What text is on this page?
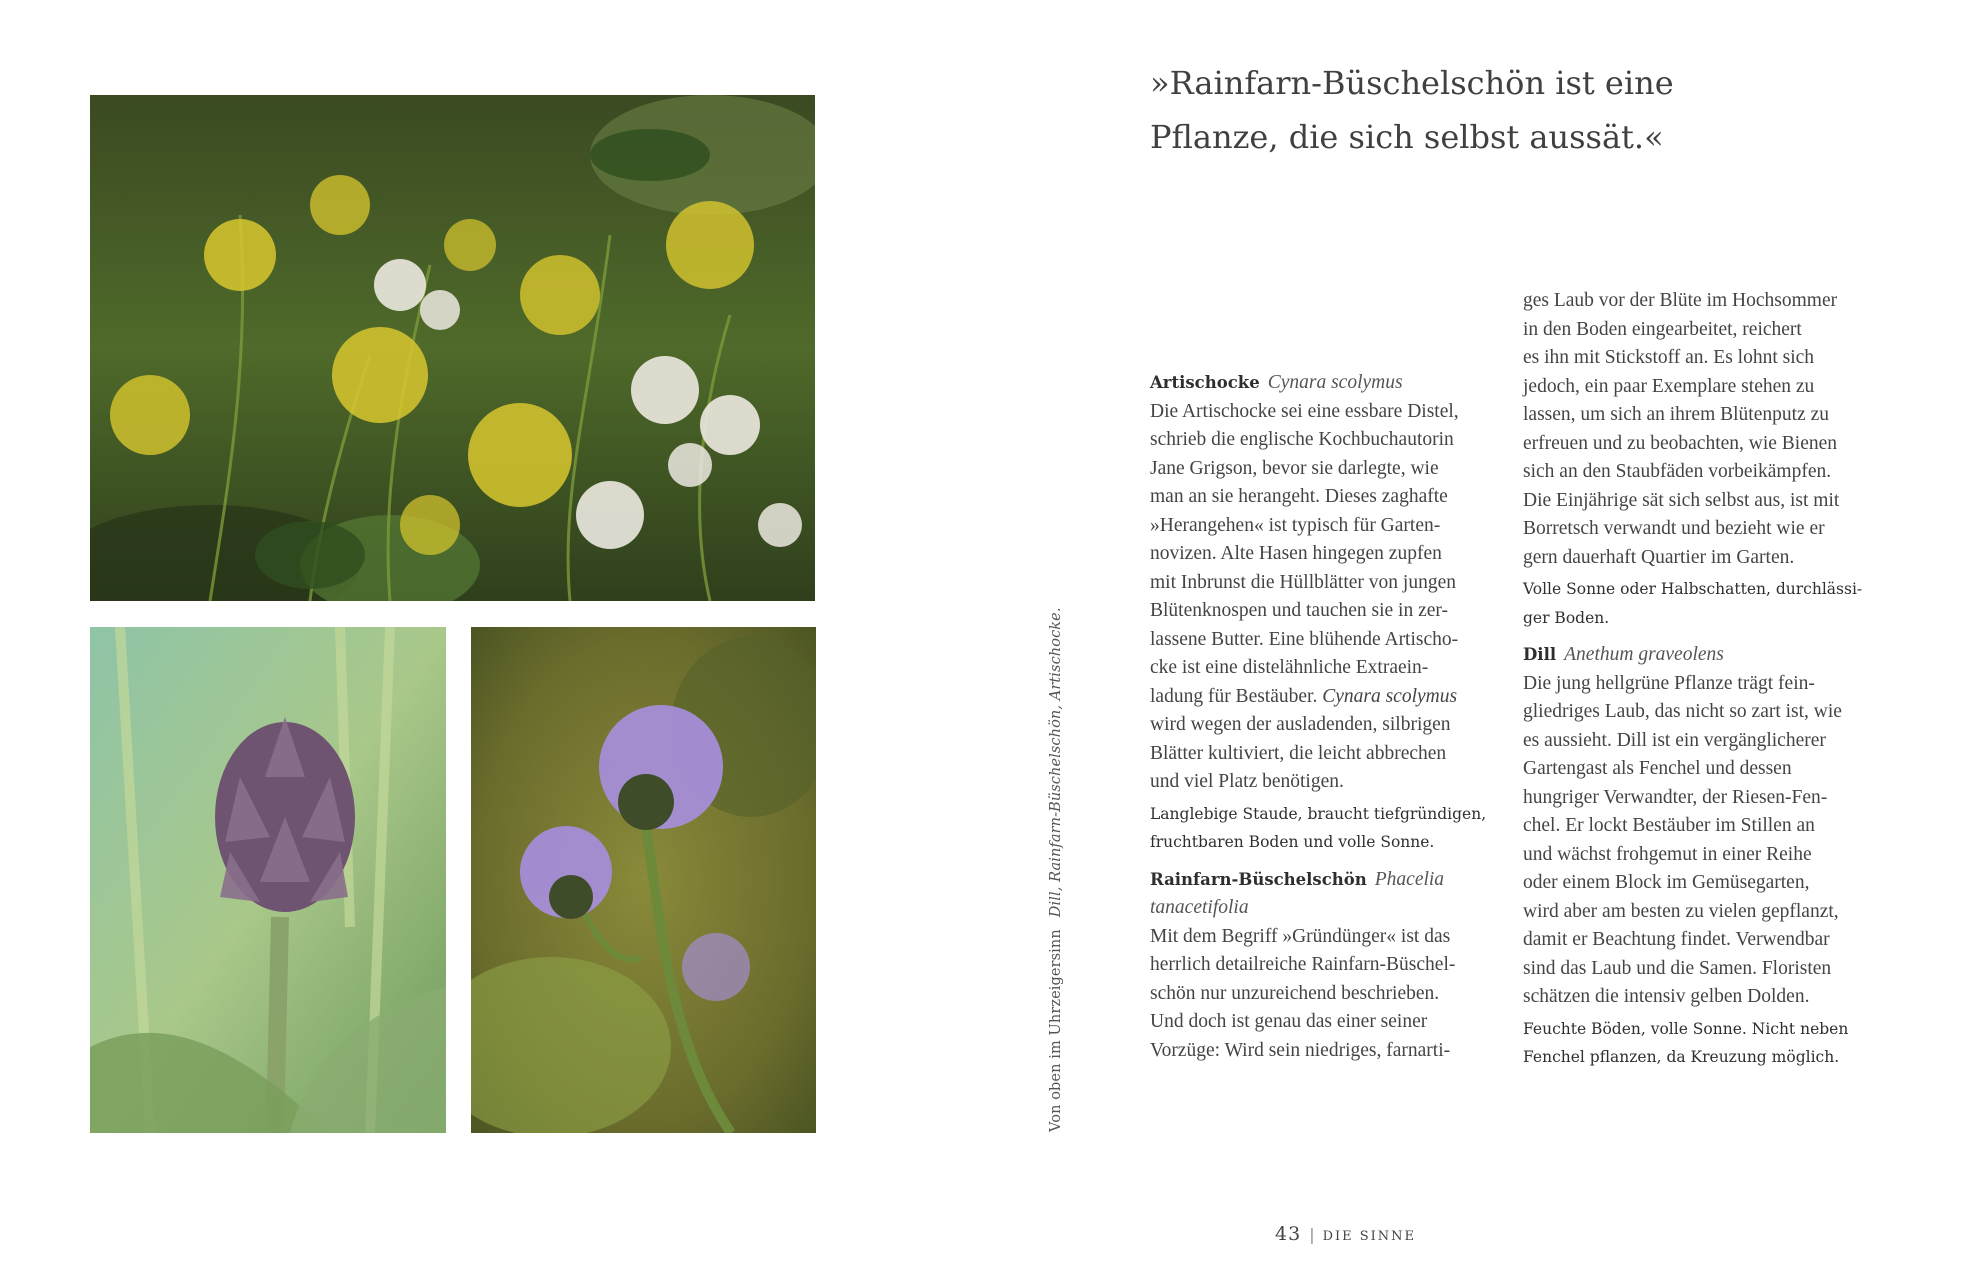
Von oben im UhrzeigersinnDill, Rainfarn-Büschelschön, Artischocke.
»Rainfarn-Büschelschön ist eine
Pflanze, die sich selbst aussät.«

Artischocke Cynara scolymus

Die Artischocke sei eine essbare Distel,

schrieb die englische Kochbuchautorin

Jane Grigson, bevor sie darlegte, wie

man an sie herangeht. Dieses zaghafte

»Herangehen« ist typisch für Garten-

novizen. Alte Hasen hingegen zupfen

mit Inbrunst die Hüllblätter von jungen

Blütenknospen und tauchen sie in zer-

lassene Butter. Eine blühende Artischo-

cke ist eine distelähnliche Extraein-

ladung für Bestäuber. Cynara scolymus

wird wegen der ausladenden, silbrigen

Blätter kultiviert, die leicht abbrechen

und viel Platz benötigen.

Langlebige Staude, braucht tiefgründigen,
fruchtbaren Boden und volle Sonne.

Rainfarn-Büschelschön Phacelia

tanacetifolia

Mit dem Begriff »Gründünger« ist das

herrlich detailreiche Rainfarn-Büschel-

schön nur unzureichend beschrieben.

Und doch ist genau das einer seiner

Vorzüge: Wird sein niedriges, farnarti-

ges Laub vor der Blüte im Hochsommer

in den Boden eingearbeitet, reichert

es ihn mit Stickstoff an. Es lohnt sich

jedoch, ein paar Exemplare stehen zu

lassen, um sich an ihrem Blütenputz zu

erfreuen und zu beobachten, wie Bienen

sich an den Staubfäden vorbeikämpfen.

Die Einjährige sät sich selbst aus, ist mit

Borretsch verwandt und bezieht wie er

gern dauerhaft Quartier im Garten.

Volle Sonne oder Halbschatten, durchlässi-
ger Boden.

Dill Anethum graveolens

Die jung hellgrüne Pflanze trägt fein-

gliedriges Laub, das nicht so zart ist, wie

es aussieht. Dill ist ein vergänglicherer

Gartengast als Fenchel und dessen

hungriger Verwandter, der Riesen-Fen-

chel. Er lockt Bestäuber im Stillen an

und wächst frohgemut in einer Reihe

oder einem Block im Gemüsegarten,

wird aber am besten zu vielen gepflanzt,

damit er Beachtung findet. Verwendbar

sind das Laub und die Samen. Floristen

schätzen die intensiv gelben Dolden.

Feuchte Böden, volle Sonne. Nicht neben
Fenchel pflanzen, da Kreuzung möglich.

43 | DIE SINNE
